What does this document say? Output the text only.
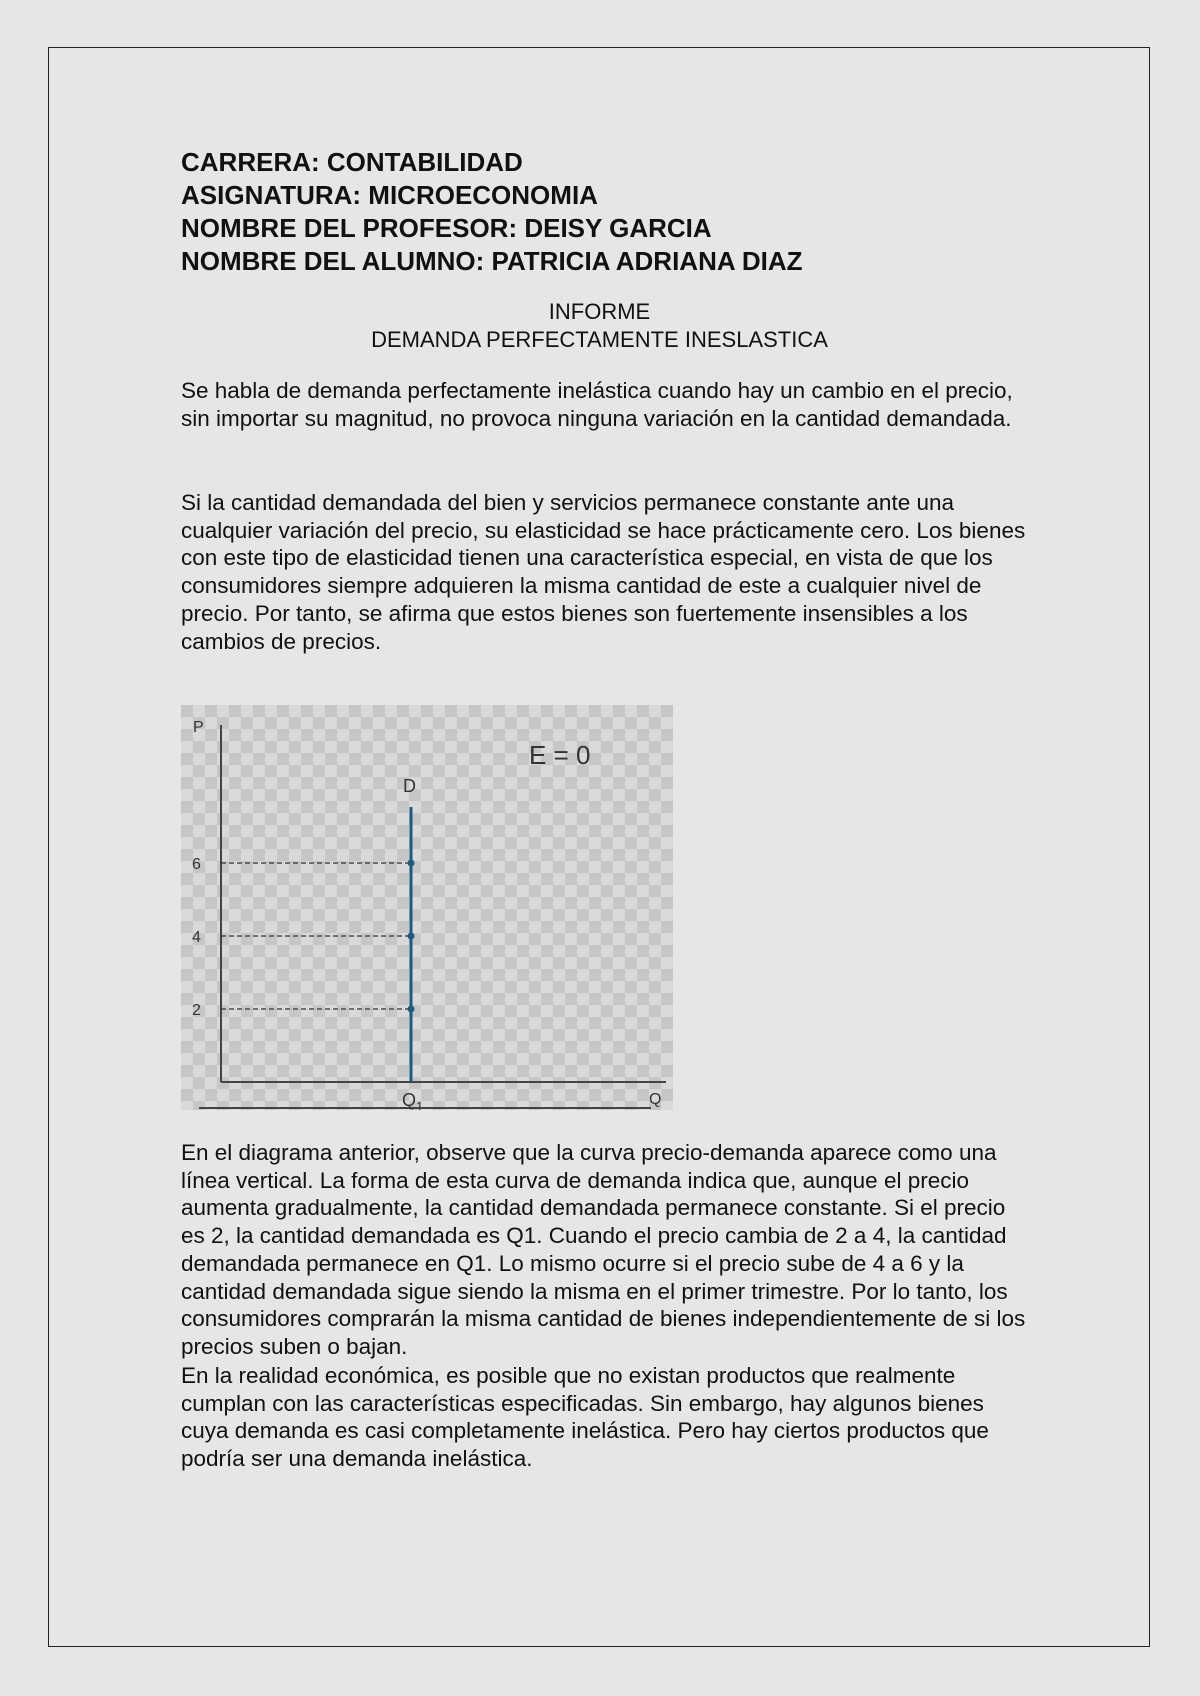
CARRERA: CONTABILIDAD
ASIGNATURA: MICROECONOMIA
NOMBRE DEL PROFESOR: DEISY GARCIA
NOMBRE DEL ALUMNO: PATRICIA ADRIANA DIAZ
INFORME
DEMANDA PERFECTAMENTE INESLASTICA

Se habla de demanda perfectamente inelástica cuando hay un cambio en el precio, sin importar su magnitud, no provoca ninguna variación en la cantidad demandada.

Si la cantidad demandada del bien y servicios permanece constante ante una cualquier variación del precio, su elasticidad se hace prácticamente cero. Los bienes con este tipo de elasticidad tienen una característica especial, en vista de que los consumidores siempre adquieren la misma cantidad de este a cualquier nivel de precio. Por tanto, se afirma que estos bienes son fuertemente insensibles a los cambios de precios.

P
Q
E = 0
D
$Q_1$
2
4
6

En el diagrama anterior, observe que la curva precio-demanda aparece como una línea vertical. La forma de esta curva de demanda indica que, aunque el precio aumenta gradualmente, la cantidad demandada permanece constante. Si el precio es 2, la cantidad demandada es Q1. Cuando el precio cambia de 2 a 4, la cantidad demandada permanece en Q1. Lo mismo ocurre si el precio sube de 4 a 6 y la cantidad demandada sigue siendo la misma en el primer trimestre. Por lo tanto, los consumidores comprarán la misma cantidad de bienes independientemente de si los precios suben o bajan.

En la realidad económica, es posible que no existan productos que realmente cumplan con las características especificadas. Sin embargo, hay algunos bienes cuya demanda es casi completamente inelástica. Pero hay ciertos productos que podría ser una demanda inelástica.
